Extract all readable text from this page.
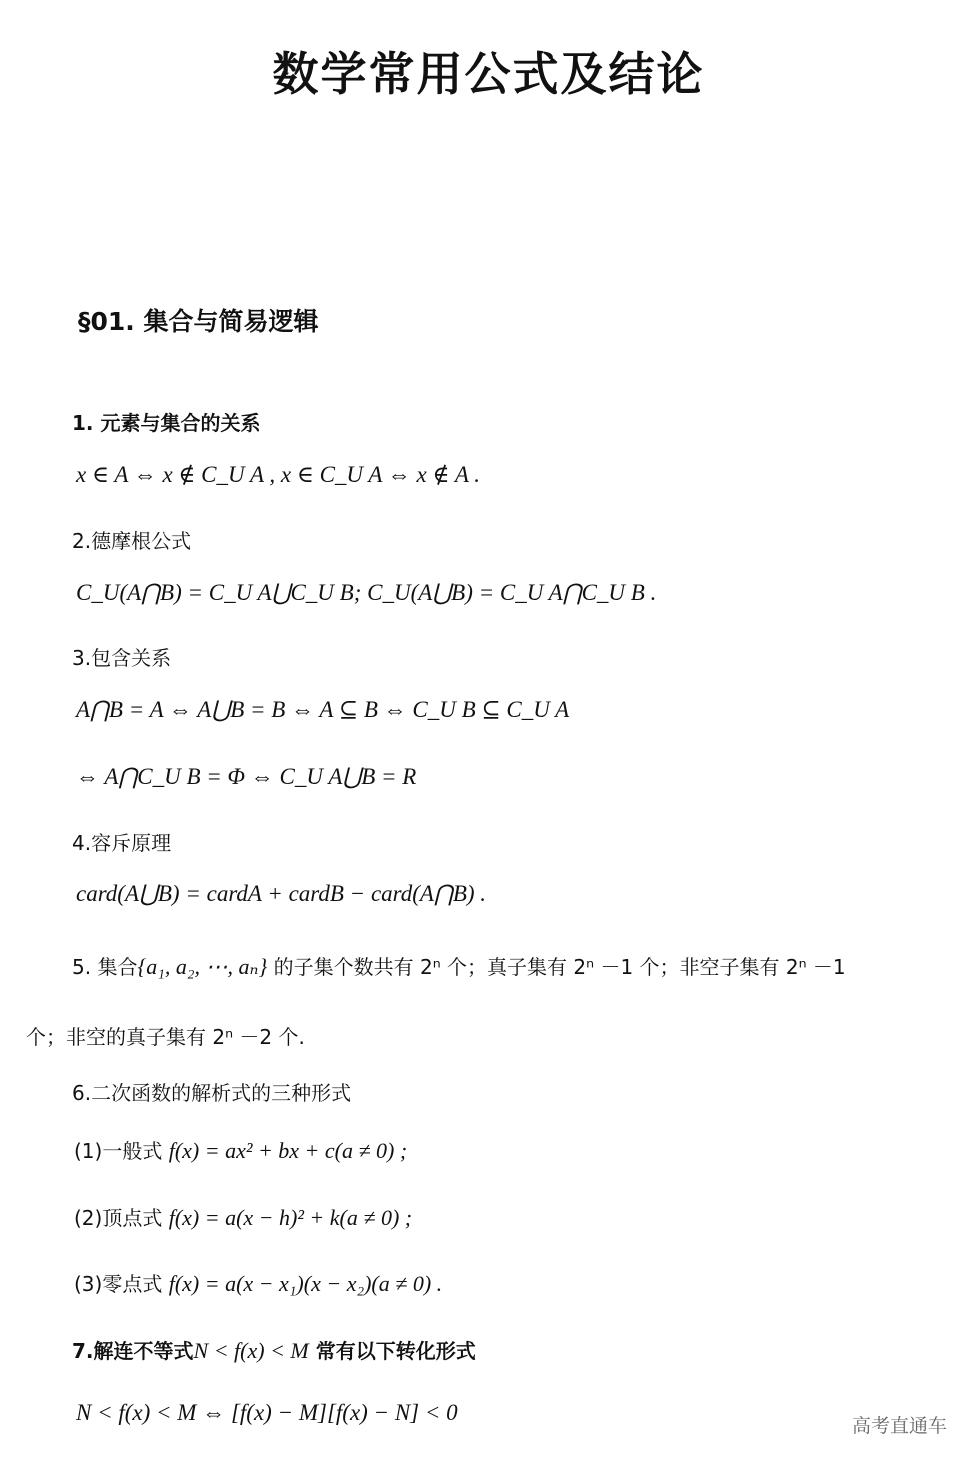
数学常用公式及结论
§01. 集合与简易逻辑
1. 元素与集合的关系
x ∈ A ⇔ x ∉ C_U A , x ∈ C_U A ⇔ x ∉ A .
2.德摩根公式
C_U(A⋂B) = C_U A⋃C_U B; C_U(A⋃B) = C_U A⋂C_U B .
3.包含关系
A⋂B = A ⇔ A⋃B = B ⇔ A ⊆ B ⇔ C_U B ⊆ C_U A
⇔ A⋂C_U B = Φ ⇔ C_U A⋃B = R
4.容斥原理
card(A⋃B) = cardA + cardB − card(A⋂B) .
5. 集合{a₁, a₂, ⋯, aₙ} 的子集个数共有 2ⁿ 个；真子集有 2ⁿ －1 个；非空子集有 2ⁿ －1
个；非空的真子集有 2ⁿ －2 个.
6.二次函数的解析式的三种形式
(1)一般式 f(x) = ax² + bx + c(a ≠ 0) ;
(2)顶点式 f(x) = a(x − h)² + k(a ≠ 0) ;
(3)零点式 f(x) = a(x − x₁)(x − x₂)(a ≠ 0) .
7.解连不等式N < f(x) < M 常有以下转化形式
N < f(x) < M ⇔ [f(x) − M][f(x) − N] < 0
高考直通车
